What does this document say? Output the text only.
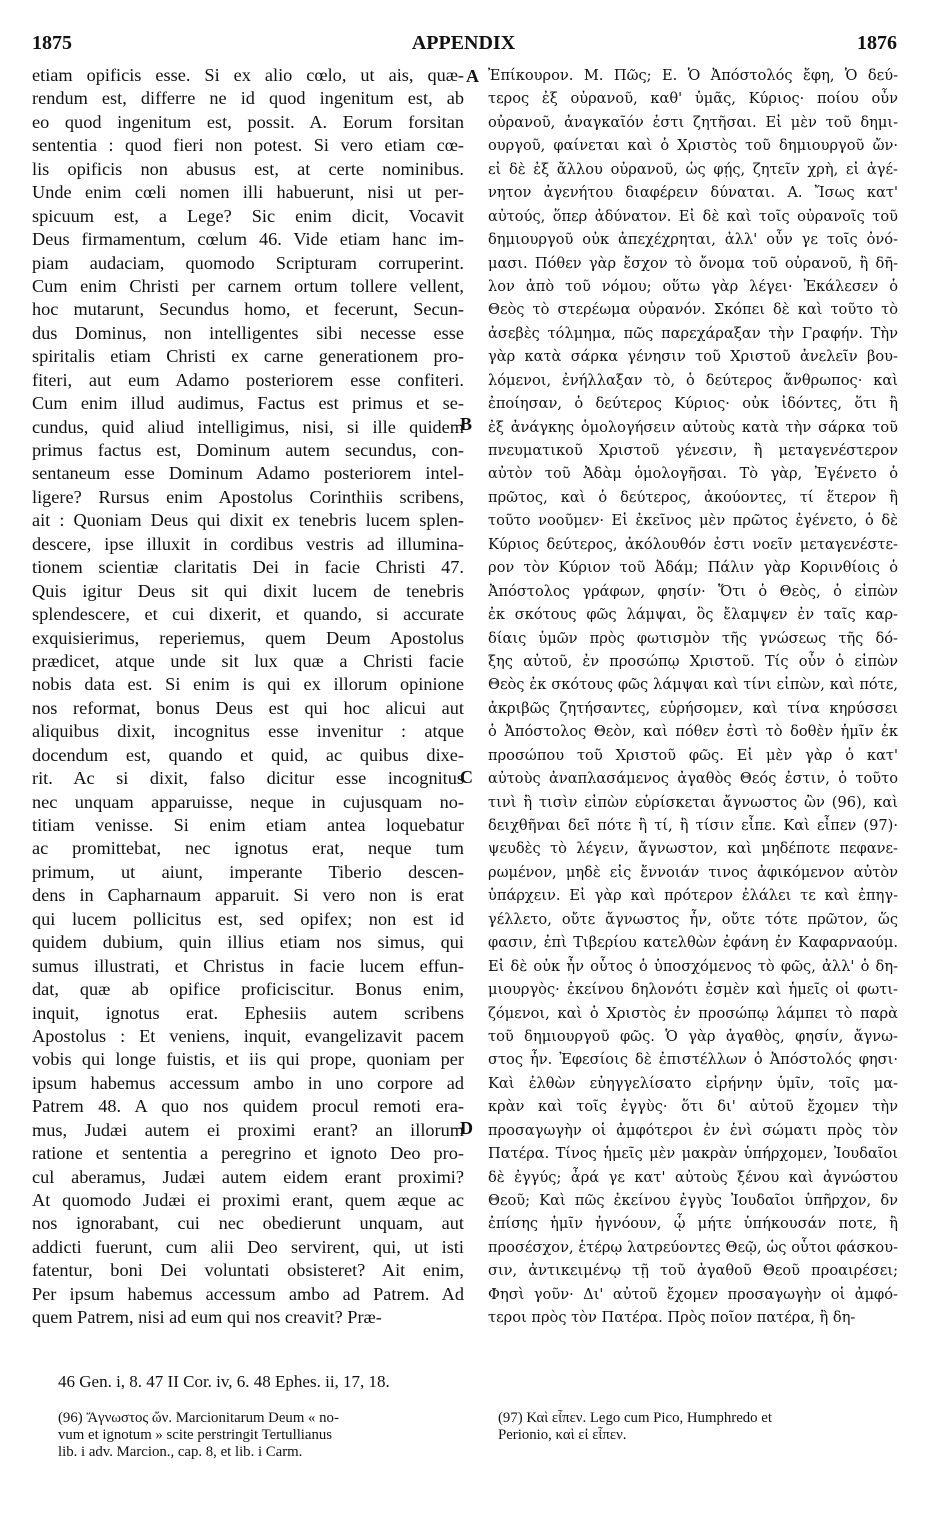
1875	APPENDIX	1876
etiam opificis esse. Si ex alio cœlo, ut ais, quæ-
rendum est, differre ne id quod ingenitum est, ab
eo quod ingenitum est, possit. A. Eorum forsitan
sententia : quod fieri non potest. Si vero etiam cœ-
lis opificis non abusus est, at certe nominibus.
Unde enim cœli nomen illi habuerunt, nisi ut per-
spicuum est, a Lege? Sic enim dicit, Vocavit
Deus firmamentum, cœlum 46. Vide etiam hanc im-
piam audaciam, quomodo Scripturam corruperint.
Cum enim Christi per carnem ortum tollere vellent,
hoc mutarunt, Secundus homo, et fecerunt, Secun-
dus Dominus, non intelligentes sibi necesse esse
spiritalis etiam Christi ex carne generationem pro-
fiteri, aut eum Adamo posteriorem esse confiteri.
Cum enim illud audimus, Factus est primus et se-
cundus, quid aliud intelligimus, nisi, si ille quidem
primus factus est, Dominum autem secundus, con-
sentaneum esse Dominum Adamo posteriorem intel-
ligere? Rursus enim Apostolus Corinthiis scribens,
ait : Quoniam Deus qui dixit ex tenebris lucem splen-
descere, ipse illuxit in cordibus vestris ad illumina-
tionem scientiæ claritatis Dei in facie Christi 47.
Quis igitur Deus sit qui dixit lucem de tenebris
splendescere, et cui dixerit, et quando, si accurate
exquisierimus, reperiemus, quem Deum Apostolus
prædicet, atque unde sit lux quæ a Christi facie
nobis data est. Si enim is qui ex illorum opinione
nos reformat, bonus Deus est qui hoc alicui aut
aliquibus dixit, incognitus esse invenitur : atque
docendum est, quando et quid, ac quibus dixe-
rit. Ac si dixit, falso dicitur esse incognitus
nec unquam apparuisse, neque in cujusquam no-
titiam venisse. Si enim etiam antea loquebatur
ac promittebat, nec ignotus erat, neque tum
primum, ut aiunt, imperante Tiberio descen-
dens in Capharnaum apparuit. Si vero non is erat
qui lucem pollicitus est, sed opifex; non est id
quidem dubium, quin illius etiam nos simus, qui
sumus illustrati, et Christus in facie lucem effun-
dat, quæ ab opifice proficiscitur. Bonus enim,
inquit, ignotus erat. Ephesiis autem scribens
Apostolus : Et veniens, inquit, evangelizavit pacem
vobis qui longe fuistis, et iis qui prope, quoniam per
ipsum habemus accessum ambo in uno corpore ad
Patrem 48. A quo nos quidem procul remoti era-
mus, Judæi autem ei proximi erant? an illorum
ratione et sententia a peregrino et ignoto Deo pro-
cul aberamus, Judæi autem eidem erant proximi?
At quomodo Judæi ei proximi erant, quem æque ac
nos ignorabant, cui nec obedierunt unquam, aut
addicti fuerunt, cum alii Deo servirent, qui, ut isti
fatentur, boni Dei voluntati obsisteret? Ait enim,
Per ipsum habemus accessum ambo ad Patrem. Ad
quem Patrem, nisi ad eum qui nos creavit? Præ-
Ἐπίκουρον. Μ. Πῶς; Ε. Ὁ Ἀπόστολός ἔφη, Ὁ δεύ-
τερος ἐξ οὐρανοῦ, καθ' ὑμᾶς, Κύριος· ποίου οὖν
οὐρανοῦ, ἀναγκαῖόν ἐστι ζητῆσαι. Εἰ μὲν τοῦ δημι-
ουργοῦ, φαίνεται καὶ ὁ Χριστὸς τοῦ δημιουργοῦ ὤν·
εἰ δὲ ἐξ ἄλλου οὐρανοῦ, ὡς φῄς, ζητεῖν χρὴ, εἰ ἀγέ-
νητον ἀγενήτου διαφέρειν δύναται. Α. Ἴσως κατ'
αὐτούς, ὅπερ ἀδύνατον. Εἰ δὲ καὶ τοῖς οὐρανοῖς τοῦ
δημιουργοῦ οὐκ ἀπεχέχρηται, ἀλλ' οὖν γε τοῖς ὀνό-
μασι. Πόθεν γὰρ ἔσχον τὸ ὄνομα τοῦ οὐρανοῦ, ἢ δῆ-
λον ἀπὸ τοῦ νόμου; οὕτω γὰρ λέγει· Ἐκάλεσεν ὁ
Θεὸς τὸ στερέωμα οὐρανόν. Σκόπει δὲ καὶ τοῦτο τὸ
ἀσεβὲς τόλμημα, πῶς παρεχάραξαν τὴν Γραφήν. Τὴν
γὰρ κατὰ σάρκα γένησιν τοῦ Χριστοῦ ἀνελεῖν βου-
λόμενοι, ἐνήλλαξαν τὸ, ὁ δεύτερος ἄνθρωπος· καὶ
ἐποίησαν, ὁ δεύτερος Κύριος· οὐκ ἰδόντες, ὅτι ἢ
ἐξ ἀνάγκης ὁμολογήσειν αὐτοὺς κατὰ τὴν σάρκα τοῦ
πνευματικοῦ Χριστοῦ γένεσιν, ἢ μεταγενέστερον
αὐτὸν τοῦ Ἀδὰμ ὁμολογῆσαι. Τὸ γὰρ, Ἐγένετο ὁ
πρῶτος, καὶ ὁ δεύτερος, ἀκούοντες, τί ἕτερον ἢ
τοῦτο νοοῦμεν· Εἰ ἐκεῖνος μὲν πρῶτος ἐγένετο, ὁ δὲ
Κύριος δεύτερος, ἀκόλουθόν ἐστι νοεῖν μεταγενέστε-
ρον τὸν Κύριον τοῦ Ἀδάμ; Πάλιν γὰρ Κορινθίοις ὁ
Ἀπόστολος γράφων, φησίν· Ὅτι ὁ Θεὸς, ὁ εἰπὼν
ἐκ σκότους φῶς λάμψαι, ὃς ἔλαμψεν ἐν ταῖς καρ-
δίαις ὑμῶν πρὸς φωτισμὸν τῆς γνώσεως τῆς δό-
ξης αὐτοῦ, ἐν προσώπῳ Χριστοῦ. Τίς οὖν ὁ εἰπὼν
Θεὸς ἐκ σκότους φῶς λάμψαι καὶ τίνι εἰπὼν, καὶ πότε,
ἀκριβῶς ζητήσαντες, εὑρήσομεν, καὶ τίνα κηρύσσει
ὁ Ἀπόστολος Θεὸν, καὶ πόθεν ἐστὶ τὸ δοθὲν ἡμῖν ἐκ
προσώπου τοῦ Χριστοῦ φῶς. Εἰ μὲν γὰρ ὁ κατ'
αὐτοὺς ἀναπλασάμενος ἀγαθὸς Θεός ἐστιν, ὁ τοῦτο
τινὶ ἢ τισὶν εἰπὼν εὑρίσκεται ἄγνωστος ὢν (96), καὶ
δειχθῆναι δεῖ πότε ἢ τί, ἢ τίσιν εἶπε. Καὶ εἶπεν (97)·
ψευδὲς τὸ λέγειν, ἄγνωστον, καὶ μηδέποτε πεφανε-
ρωμένον, μηδὲ εἰς ἔννοιάν τινος ἀφικόμενον αὐτὸν
ὑπάρχειν. Εἰ γὰρ καὶ πρότερον ἐλάλει τε καὶ ἐπηγ-
γέλλετο, οὔτε ἄγνωστος ἦν, οὔτε τότε πρῶτον, ὥς
φασιν, ἐπὶ Τιβερίου κατελθὼν ἐφάνη ἐν Καφαρναούμ.
Εἰ δὲ οὐκ ἦν οὗτος ὁ ὑποσχόμενος τὸ φῶς, ἀλλ' ὁ δη-
μιουργὸς· ἐκείνου δηλονότι ἐσμὲν καὶ ἡμεῖς οἱ φωτι-
ζόμενοι, καὶ ὁ Χριστὸς ἐν προσώπῳ λάμπει τὸ παρὰ
τοῦ δημιουργοῦ φῶς. Ὁ γὰρ ἀγαθὸς, φησίν, ἄγνω-
στος ἦν. Ἐφεσίοις δὲ ἐπιστέλλων ὁ Ἀπόστολός φησι·
Καὶ ἐλθὼν εὐηγγελίσατο εἰρήνην ὑμῖν, τοῖς μα-
κρὰν καὶ τοῖς ἐγγὺς· ὅτι δι' αὐτοῦ ἔχομεν τὴν
προσαγωγὴν οἱ ἀμφότεροι ἐν ἑνὶ σώματι πρὸς τὸν
Πατέρα. Τίνος ἡμεῖς μὲν μακρὰν ὑπήρχομεν, Ἰουδαῖοι
δὲ ἐγγύς; ἆρά γε κατ' αὐτοὺς ξένου καὶ ἀγνώστου
Θεοῦ; Καὶ πῶς ἐκείνου ἐγγὺς Ἰουδαῖοι ὑπῆρχον, δν
ἐπίσης ἡμῖν ἠγνόουν, ᾧ μήτε ὑπήκουσάν ποτε, ἢ
προσέσχον, ἑτέρῳ λατρεύοντες Θεῷ, ὡς οὗτοι φάσκου-
σιν, ἀντικειμένῳ τῇ τοῦ ἀγαθοῦ Θεοῦ προαιρέσει;
Φησὶ γοῦν· Δι' αὐτοῦ ἔχομεν προσαγωγὴν οἱ ἀμφό-
τεροι πρὸς τὸν Πατέρα. Πρὸς ποῖον πατέρα, ἢ δη-
A
B
C
D
46 Gen. i, 8. 47 II Cor. iv, 6. 48 Ephes. ii, 17, 18.
(96) Ἄγνωστος ὤν. Marcionitarum Deum « no-
vum et ignotum » scite perstringit Tertullianus
lib. i adv. Marcion., cap. 8, et lib. i Carm.
(97) Καὶ εἶπεν. Lego cum Pico, Humphredo et
Perionio, καὶ εἰ εἶπεν.
